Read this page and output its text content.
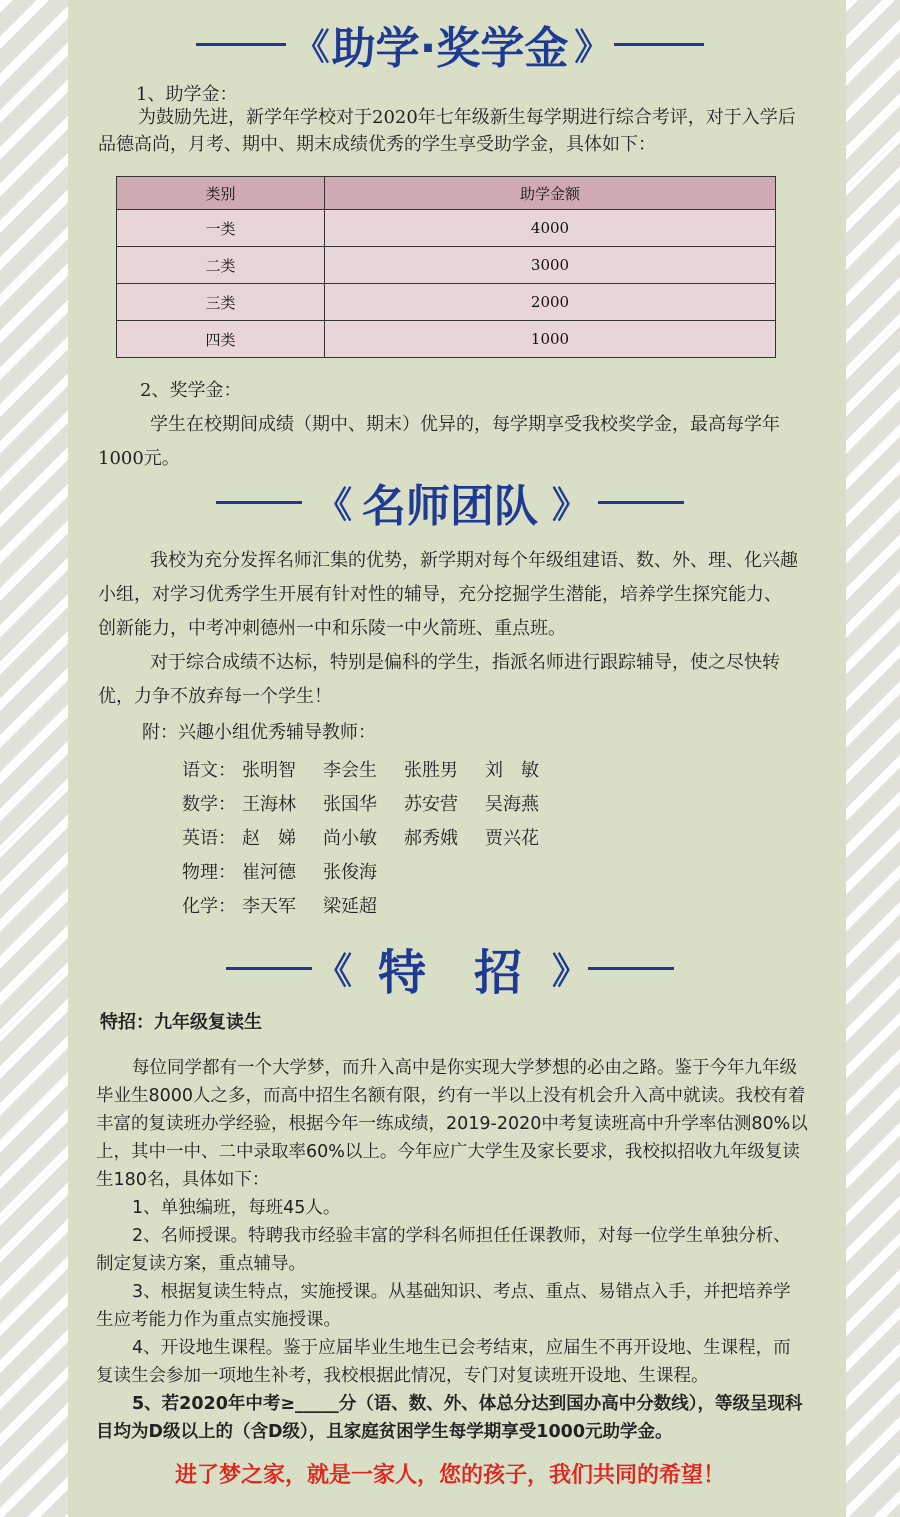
《 助学·奖学金 》
1、助学金：
为鼓励先进，新学年学校对于2020年七年级新生每学期进行综合考评，对于入学后品德高尚，月考、期中、期末成绩优秀的学生享受助学金，具体如下：
类别	助学金额
一类	4000
二类	3000
三类	2000
四类	1000
2、奖学金：
学生在校期间成绩（期中、期末）优异的，每学期享受我校奖学金，最高每学年1000元。
《 名师团队 》
我校为充分发挥名师汇集的优势，新学期对每个年级组建语、数、外、理、化兴趣小组，对学习优秀学生开展有针对性的辅导，充分挖掘学生潜能，培养学生探究能力、创新能力，中考冲刺德州一中和乐陵一中火箭班、重点班。
对于综合成绩不达标，特别是偏科的学生，指派名师进行跟踪辅导，使之尽快转优，力争不放弃每一个学生！
附：兴趣小组优秀辅导教师：
语文： 张明智	李会生	张胜男	刘　敏
数学： 王海林	张国华	苏安营	吴海燕
英语： 赵　娣	尚小敏	郝秀娥	贾兴花
物理： 崔河德	张俊海
化学： 李天军	梁延超
《 特　招 》
特招：九年级复读生
每位同学都有一个大学梦，而升入高中是你实现大学梦想的必由之路。鉴于今年九年级毕业生8000人之多，而高中招生名额有限，约有一半以上没有机会升入高中就读。我校有着丰富的复读班办学经验，根据今年一练成绩，2019-2020中考复读班高中升学率估测80%以上，其中一中、二中录取率60%以上。今年应广大学生及家长要求，我校拟招收九年级复读生180名，具体如下：
1、单独编班，每班45人。
2、名师授课。特聘我市经验丰富的学科名师担任任课教师，对每一位学生单独分析、制定复读方案，重点辅导。
3、根据复读生特点，实施授课。从基础知识、考点、重点、易错点入手，并把培养学生应考能力作为重点实施授课。
4、开设地生课程。鉴于应届毕业生地生已会考结束，应届生不再开设地、生课程，而复读生会参加一项地生补考，我校根据此情况，专门对复读班开设地、生课程。
5、若2020年中考≥_____分（语、数、外、体总分达到国办高中分数线），等级呈现科目均为D级以上的（含D级），且家庭贫困学生每学期享受1000元助学金。
进了梦之家，就是一家人，您的孩子，我们共同的希望！
